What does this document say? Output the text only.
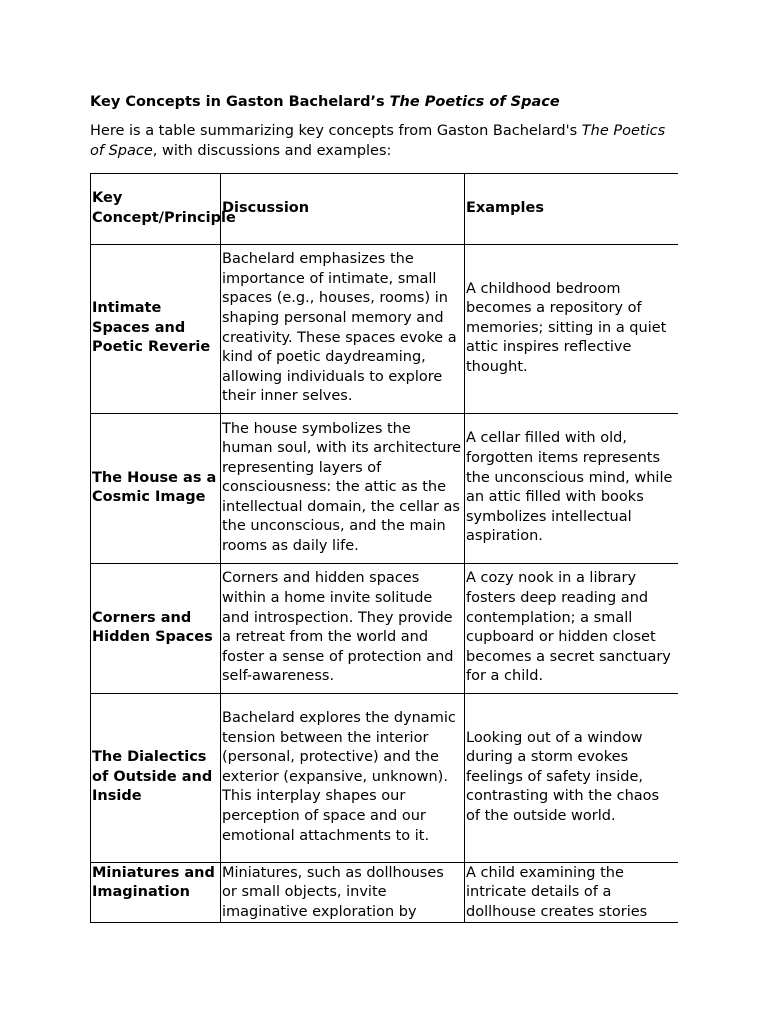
Key Concepts in Gaston Bachelard’s The Poetics of Space
Here is a table summarizing key concepts from Gaston Bachelard's The Poetics of Space, with discussions and examples:
Key Concept/Principle	Discussion	Examples
Intimate Spaces and Poetic Reverie	Bachelard emphasizes the importance of intimate, small spaces (e.g., houses, rooms) in shaping personal memory and creativity. These spaces evoke a kind of poetic daydreaming, allowing individuals to explore their inner selves.	A childhood bedroom becomes a repository of memories; sitting in a quiet attic inspires reflective thought.
The House as a Cosmic Image	The house symbolizes the human soul, with its architecture representing layers of consciousness: the attic as the intellectual domain, the cellar as the unconscious, and the main rooms as daily life.	A cellar filled with old, forgotten items represents the unconscious mind, while an attic filled with books symbolizes intellectual aspiration.
Corners and Hidden Spaces	Corners and hidden spaces within a home invite solitude and introspection. They provide a retreat from the world and foster a sense of protection and self-awareness.	A cozy nook in a library fosters deep reading and contemplation; a small cupboard or hidden closet becomes a secret sanctuary for a child.
The Dialectics of Outside and Inside	Bachelard explores the dynamic tension between the interior (personal, protective) and the exterior (expansive, unknown). This interplay shapes our perception of space and our emotional attachments to it.	Looking out of a window during a storm evokes feelings of safety inside, contrasting with the chaos of the outside world.
Miniatures and Imagination	Miniatures, such as dollhouses or small objects, invite imaginative exploration by	A child examining the intricate details of a dollhouse creates stories
